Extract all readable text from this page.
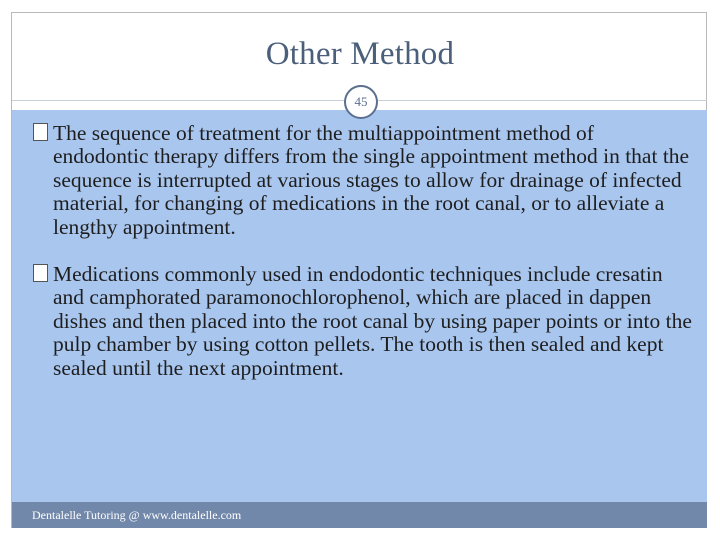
Other Method
45
The sequence of treatment for the multiappointment method of endodontic therapy differs from the single appointment method in that the sequence is interrupted at various stages to allow for drainage of infected material, for changing of medications in the root canal, or to alleviate a lengthy appointment.
Medications commonly used in endodontic techniques include cresatin and camphorated paramonochlorophenol, which are placed in dappen dishes and then placed into the root canal by using paper points or into the pulp chamber by using cotton pellets. The tooth is then sealed and kept sealed until the next appointment.
Dentalelle Tutoring @ www.dentalelle.com
